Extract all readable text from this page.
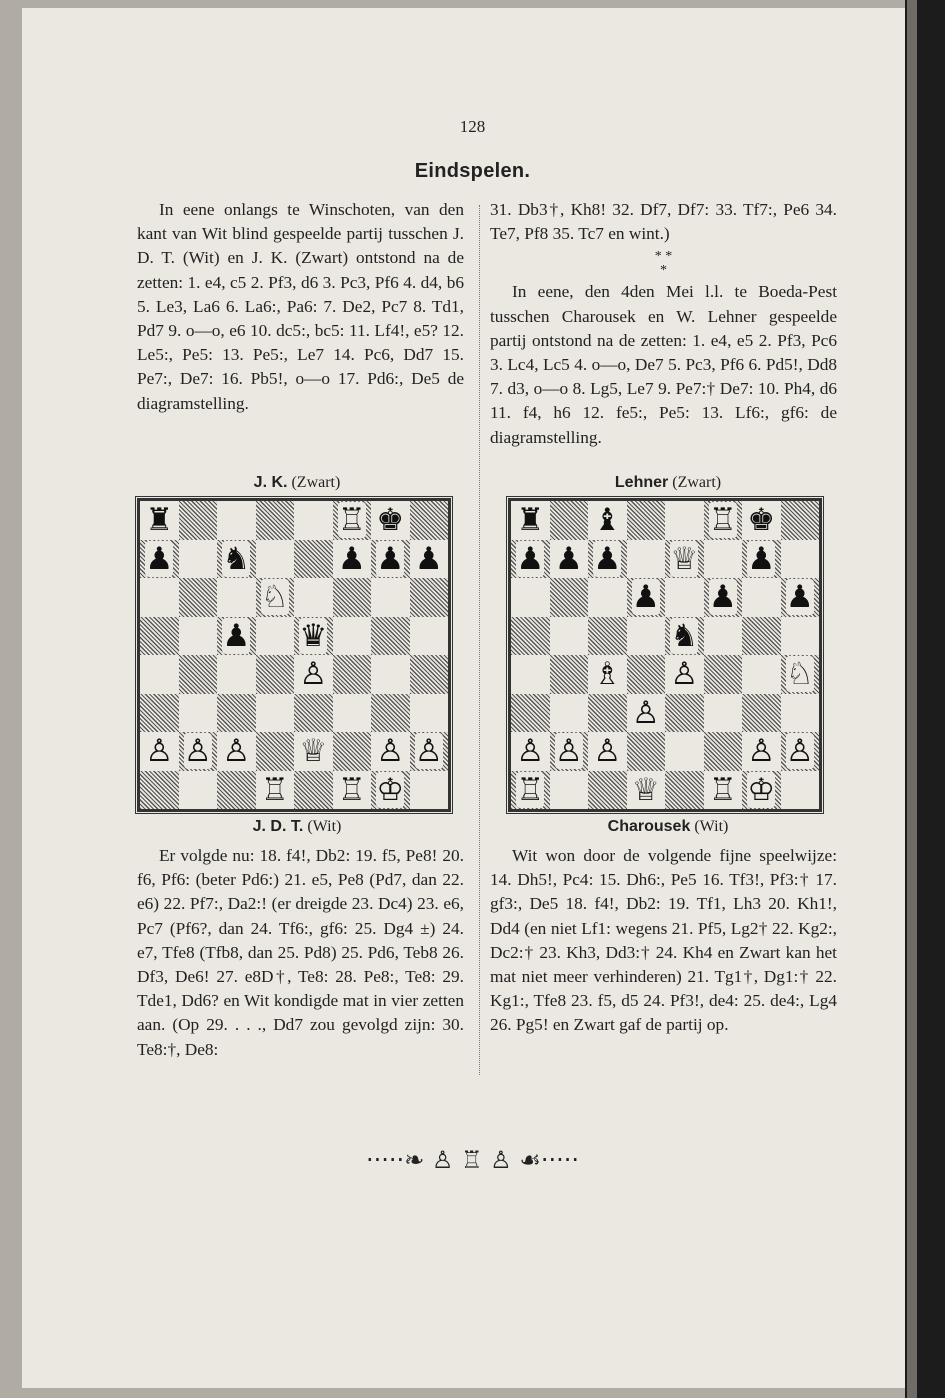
128
Eindspelen.

In eene onlangs te Winschoten, van den kant van Wit blind gespeelde partij tusschen J. D. T. (Wit) en J. K. (Zwart) ontstond na de zetten: 1. e4, c5 2. Pf3, d6 3. Pc3, Pf6 4. d4, b6 5. Le3, La6 6. La6:, Pa6: 7. De2, Pc7 8. Td1, Pd7 9. o—o, e6 10. dc5:, bc5: 11. Lf4!, e5? 12. Le5:, Pe5: 13. Pe5:, Le7 14. Pc6, Dd7 15. Pe7:, De7: 16. Pb5!, o—o 17. Pd6:, De5 de diagramstelling.

31. Db3†, Kh8! 32. Df7, Df7: 33. Tf7:, Pe6 34. Te7, Pf8 35. Tc7 en wint.)

* *
*

In eene, den 4den Mei l.l. te Boeda-Pest tusschen Charousek en W. Lehner gespeelde partij ontstond na de zetten: 1. e4, e5 2. Pf3, Pc6 3. Lc4, Lc5 4. o—o, De7 5. Pc3, Pf6 6. Pd5!, Dd8 7. d3, o—o 8. Lg5, Le7 9. Pe7:† De7: 10. Ph4, d6 11. f4, h6 12. fe5:, Pe5: 13. Lf6:, gf6: de diagramstelling.

J. K. (Zwart)
♜	♖ ♚
♟ ♞	♟ ♟ ♟
♘
♟ ♛
♙
♙ ♙ ♙ ♕ ♙ ♙
♖ ♖ ♔
J. D. T. (Wit)
Lehner (Zwart)
♜ ♝	♖ ♚
♟ ♟ ♟ ♕ ♟
♟ ♟ ♟
♞
♗ ♙	♘
♙
♙ ♙ ♙	♙ ♙
♖	♕ ♖ ♔
Charousek (Wit)

Er volgde nu: 18. f4!, Db2: 19. f5, Pe8! 20. f6, Pf6: (beter Pd6:) 21. e5, Pe8 (Pd7, dan 22. e6) 22. Pf7:, Da2:! (er dreigde 23. Dc4) 23. e6, Pc7 (Pf6?, dan 24. Tf6:, gf6: 25. Dg4 ±) 24. e7, Tfe8 (Tfb8, dan 25. Pd8) 25. Pd6, Teb8 26. Df3, De6! 27. e8D†, Te8: 28. Pe8:, Te8: 29. Tde1, Dd6? en Wit kondigde mat in vier zetten aan. (Op 29. . . ., Dd7 zou gevolgd zijn: 30. Te8:†, De8:

Wit won door de volgende fijne speelwijze: 14. Dh5!, Pc4: 15. Dh6:, Pe5 16. Tf3!, Pf3:† 17. gf3:, De5 18. f4!, Db2: 19. Tf1, Lh3 20. Kh1!, Dd4 (en niet Lf1: wegens 21. Pf5, Lg2† 22. Kg2:, Dc2:† 23. Kh3, Dd3:† 24. Kh4 en Zwart kan het mat niet meer verhinderen) 21. Tg1†, Dg1:† 22. Kg1:, Tfe8 23. f5, d5 24. Pf3!, de4: 25. de4:, Lg4 26. Pg5! en Zwart gaf de partij op.

·····❧ ♙ ♖ ♙ ☙·····
